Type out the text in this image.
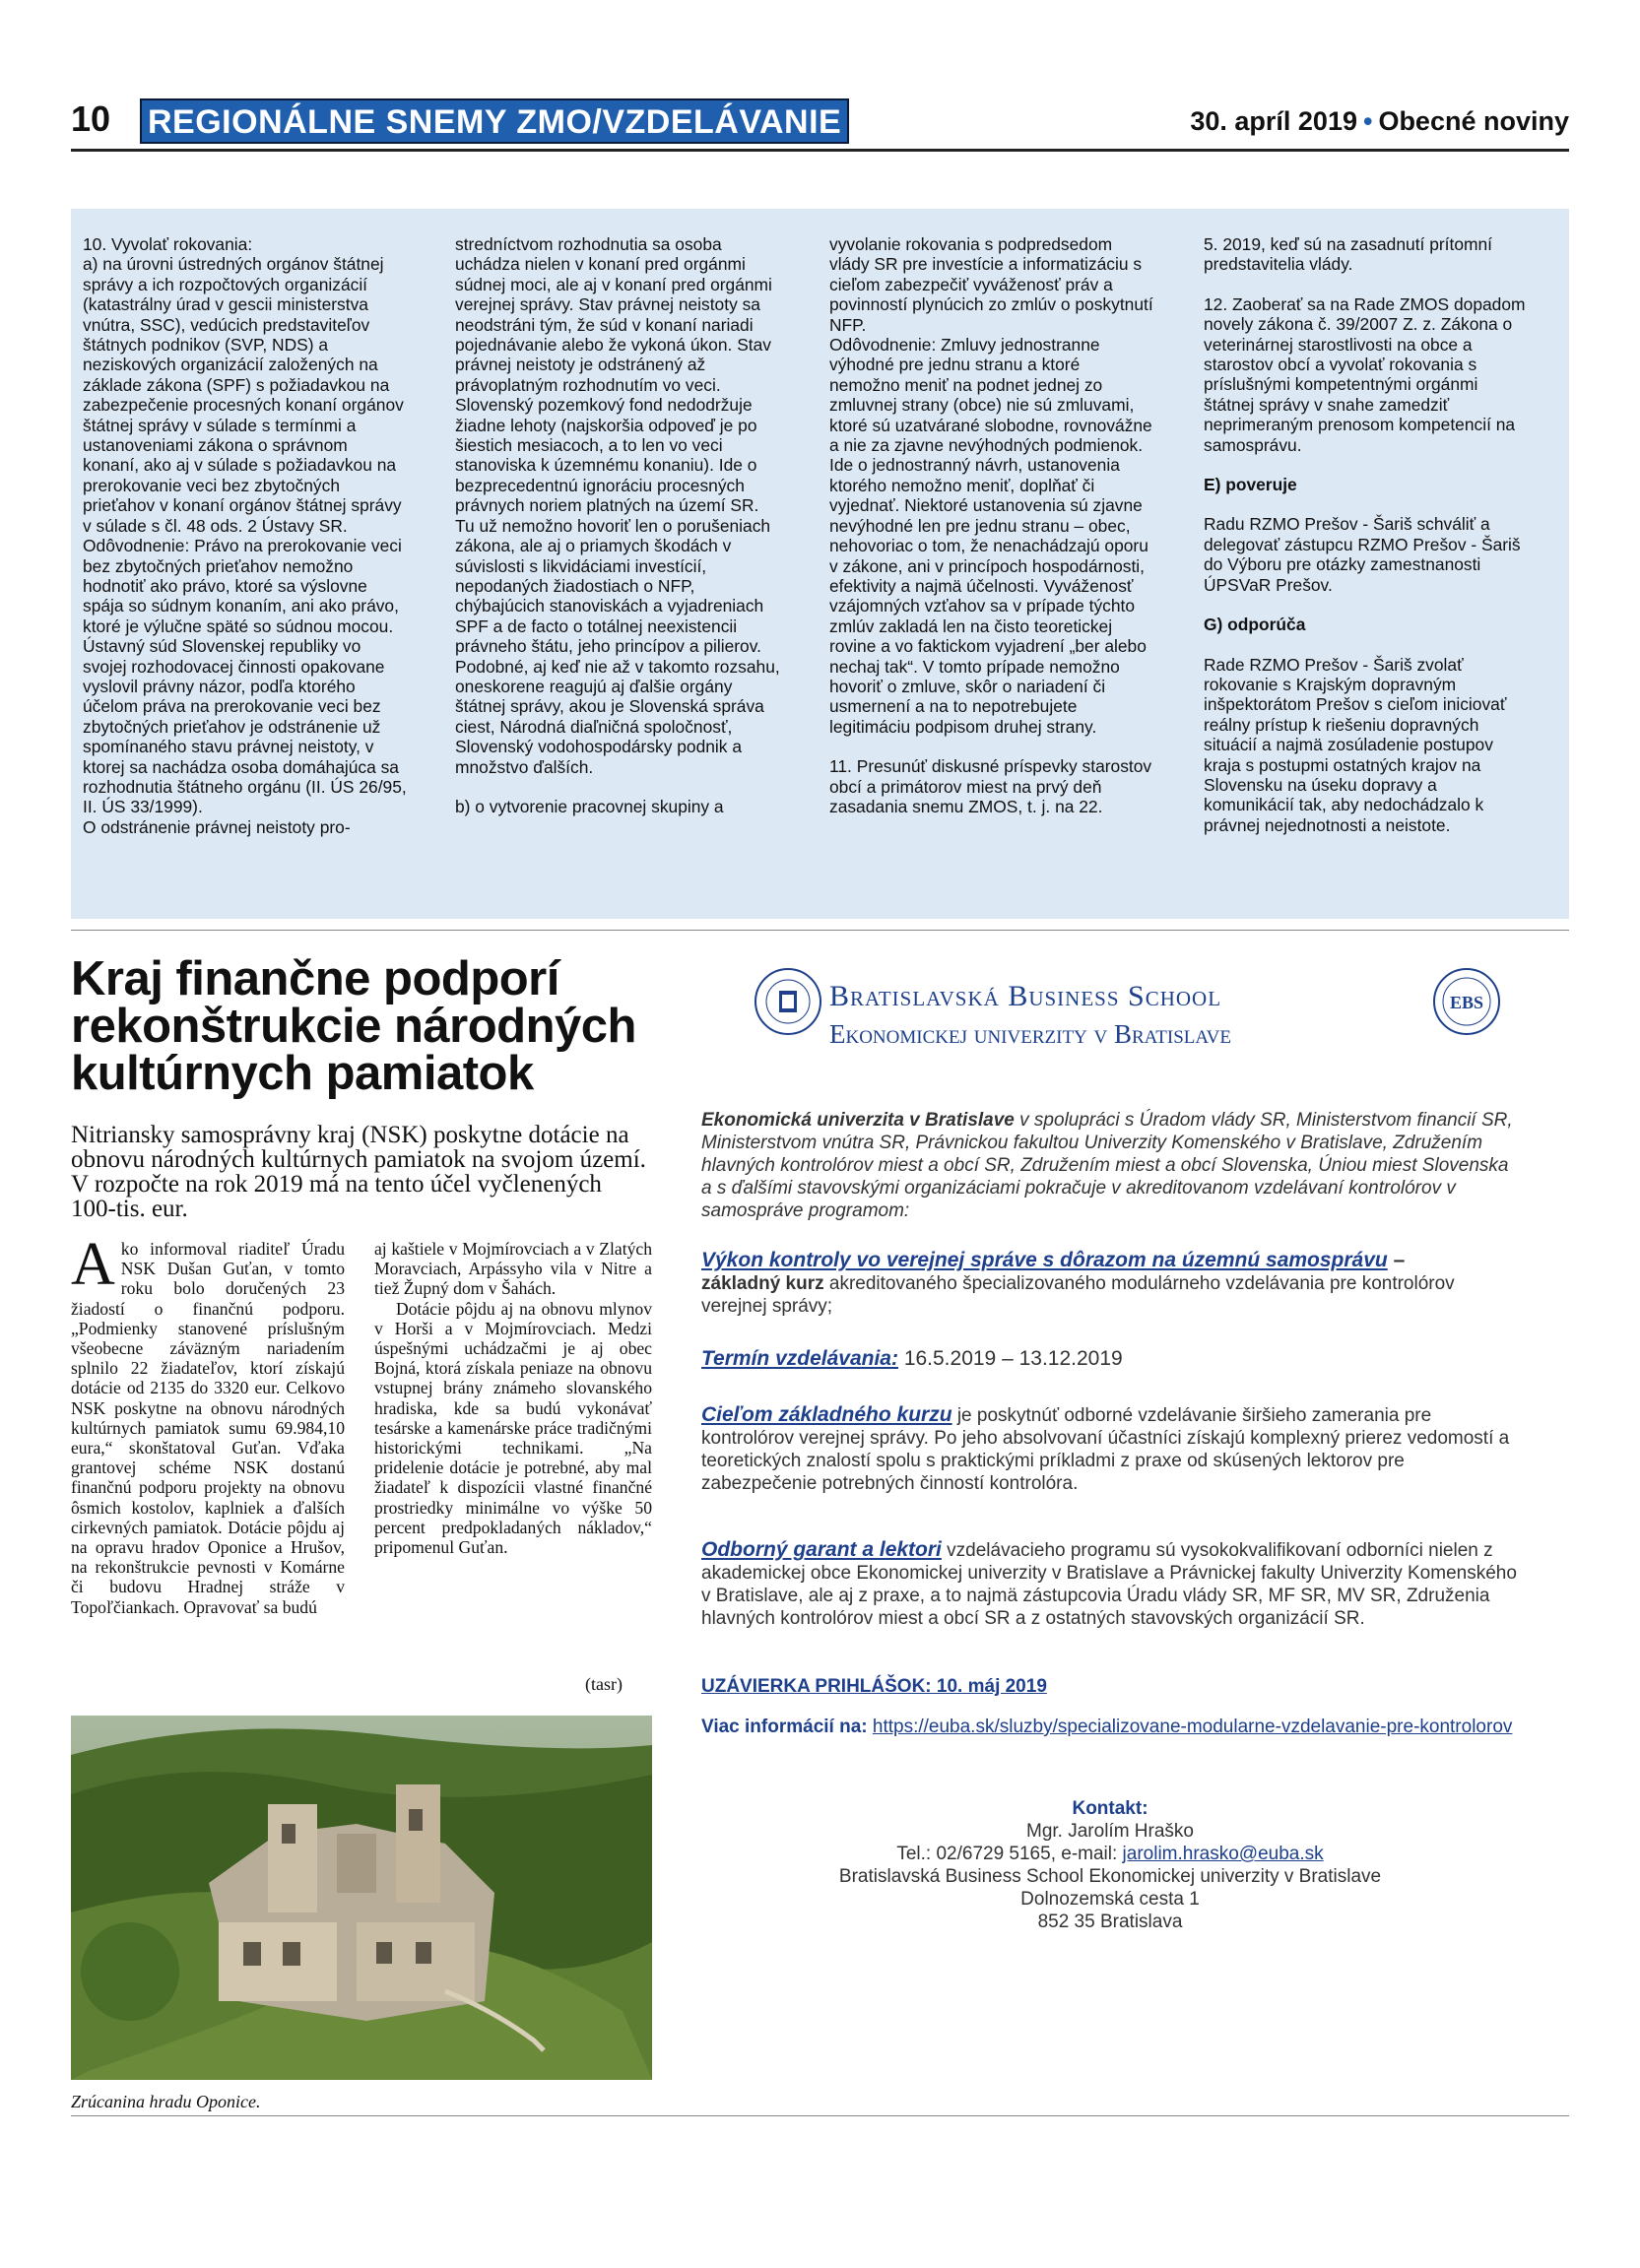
10 REGIONÁLNE SNEMY ZMO/VZDELÁVANIE	30. apríl 2019 • Obecné noviny

10. Vyvolať rokovania:
a) na úrovni ústredných orgánov štátnej správy a ich rozpočtových organizácií (katastrálny úrad v gescii ministerstva vnútra, SSC), vedúcich predstaviteľov štátnych podnikov (SVP, NDS) a neziskových organizácií založených na základe zákona (SPF) s požiadavkou na zabezpečenie procesných konaní orgánov štátnej správy v súlade s termínmi a ustanoveniami zákona o správnom konaní, ako aj v súlade s požiadavkou na prerokovanie veci bez zbytočných prieťahov v konaní orgánov štátnej správy v súlade s čl. 48 ods. 2 Ústavy SR.
Odôvodnenie: Právo na prerokovanie veci bez zbytočných prieťahov nemožno hodnotiť ako právo, ktoré sa výslovne spája so súdnym konaním, ani ako právo, ktoré je výlučne späté so súdnou mocou. Ústavný súd Slovenskej republiky vo svojej rozhodovacej činnosti opakovane vyslovil právny názor, podľa ktorého účelom práva na prerokovanie veci bez zbytočných prieťahov je odstránenie už spomínaného stavu právnej neistoty, v ktorej sa nachádza osoba domáhajúca sa rozhodnutia štátneho orgánu (II. ÚS 26/95, II. ÚS 33/1999).
O odstránenie právnej neistoty pro-

stredníctvom rozhodnutia sa osoba uchádza nielen v konaní pred orgánmi súdnej moci, ale aj v konaní pred orgánmi verejnej správy. Stav právnej neistoty sa neodstráni tým, že súd v konaní nariadi pojednávanie alebo že vykoná úkon. Stav právnej neistoty je odstránený až právoplatným rozhodnutím vo veci.
Slovenský pozemkový fond nedodržuje žiadne lehoty (najskoršia odpoveď je po šiestich mesiacoch, a to len vo veci stanoviska k územnému konaniu). Ide o bezprecedentnú ignoráciu procesných právnych noriem platných na území SR. Tu už nemožno hovoriť len o porušeniach zákona, ale aj o priamych škodách v súvislosti s likvidáciami investícií, nepodaných žiadostiach o NFP, chýbajúcich stanoviskách a vyjadreniach SPF a de facto o totálnej neexistencii právneho štátu, jeho princípov a pilierov. Podobné, aj keď nie až v takomto rozsahu, oneskorene reagujú aj ďalšie orgány štátnej správy, akou je Slovenská správa ciest, Národná diaľničná spoločnosť, Slovenský vodohospodársky podnik a množstvo ďalších.

b) o vytvorenie pracovnej skupiny a

vyvolanie rokovania s podpredsedom vlády SR pre investície a informatizáciu s cieľom zabezpečiť vyváženosť práv a povinností plynúcich zo zmlúv o poskytnutí NFP.
Odôvodnenie: Zmluvy jednostranne výhodné pre jednu stranu a ktoré nemožno meniť na podnet jednej zo zmluvnej strany (obce) nie sú zmluvami, ktoré sú uzatvárané slobodne, rovnovážne a nie za zjavne nevýhodných podmienok.
Ide o jednostranný návrh, ustanovenia ktorého nemožno meniť, doplňať či vyjednať. Niektoré ustanovenia sú zjavne nevýhodné len pre jednu stranu – obec, nehovoriac o tom, že nenachádzajú oporu v zákone, ani v princípoch hospodárnosti, efektivity a najmä účelnosti. Vyváženosť vzájomných vzťahov sa v prípade týchto zmlúv zakladá len na čisto teoretickej rovine a vo faktickom vyjadrení „ber alebo nechaj tak“. V tomto prípade nemožno hovoriť o zmluve, skôr o nariadení či usmernení a na to nepotrebujete legitimáciu podpisom druhej strany.

11. Presunúť diskusné príspevky starostov obcí a primátorov miest na prvý deň zasadania snemu ZMOS, t. j. na 22.

5. 2019, keď sú na zasadnutí prítomní predstavitelia vlády.

12. Zaoberať sa na Rade ZMOS dopadom novely zákona č. 39/2007 Z. z. Zákona o veterinárnej starostlivosti na obce a starostov obcí a vyvolať rokovania s príslušnými kompetentnými orgánmi štátnej správy v snahe zamedziť neprimeraným prenosom kompetencií na samosprávu.

E) poveruje

Radu RZMO Prešov - Šariš schváliť a delegovať zástupcu RZMO Prešov - Šariš do Výboru pre otázky zamestnanosti ÚPSVaR Prešov.

G) odporúča

Rade RZMO Prešov - Šariš zvolať rokovanie s Krajským dopravným inšpektorátom Prešov s cieľom iniciovať reálny prístup k riešeniu dopravných situácií a najmä zosúladenie postupov kraja s postupmi ostatných krajov na Slovensku na úseku dopravy a komunikácií tak, aby nedochádzalo k právnej nejednotnosti a neistote.

Kraj finančne podporí rekonštrukcie národných kultúrnych pamiatok
Nitriansky samosprávny kraj (NSK) poskytne dotácie na obnovu národných kultúrnych pamiatok na svojom území. V rozpočte na rok 2019 má na tento účel vyčlenených 100-tis. eur.

Ako informoval riaditeľ Úradu NSK Dušan Guťan, v tomto roku bolo doručených 23 žiadostí o finančnú podporu. „Podmienky stanovené príslušným všeobecne záväzným nariadením splnilo 22 žiadateľov, ktorí získajú dotácie od 2135 do 3320 eur. Celkovo NSK poskytne na obnovu národných kultúrnych pamiatok sumu 69.984,10 eura,“ skonštatoval Guťan. Vďaka grantovej schéme NSK dostanú finančnú podporu projekty na obnovu ôsmich kostolov, kaplniek a ďalších cirkevných pamiatok. Dotácie pôjdu aj na opravu hradov Oponice a Hrušov, na rekonštrukcie pevnosti v Komárne či budovu Hradnej stráže v Topoľčiankach. Opravovať sa budú

aj kaštiele v Mojmírovciach a v Zlatých Moravciach, Arpássyho vila v Nitre a tiež Župný dom v Šahách.

Dotácie pôjdu aj na obnovu mlynov v Horši a v Mojmírovciach. Medzi úspešnými uchádzačmi je aj obec Bojná, ktorá získala peniaze na obnovu vstupnej brány známeho slovanského hradiska, kde sa budú vykonávať tesárske a kamenárske práce tradičnými historickými technikami. „Na pridelenie dotácie je potrebné, aby mal žiadateľ k dispozícii vlastné finančné prostriedky minimálne vo výške 50 percent predpokladaných nákladov,“ pripomenul Guťan.

(tasr)
Zrúcanina hradu Oponice.
Bratislavská Business School
Ekonomickej univerzity v Bratislave
EBS

Ekonomická univerzita v Bratislave v spolupráci s Úradom vlády SR, Ministerstvom financií SR, Ministerstvom vnútra SR, Právnickou fakultou Univerzity Komenského v Bratislave, Združením hlavných kontrolórov miest a obcí SR, Združením miest a obcí Slovenska, Úniou miest Slovenska a s ďalšími stavovskými organizáciami pokračuje v akreditovanom vzdelávaní kontrolórov v samospráve programom:

Výkon kontroly vo verejnej správe s dôrazom na územnú samosprávu –

základný kurz akreditovaného špecializovaného modulárneho vzdelávania pre kontrolórov verejnej správy;

Termín vzdelávania: 16.5.2019 – 13.12.2019

Cieľom základného kurzu je poskytnúť odborné vzdelávanie širšieho zamerania pre kontrolórov verejnej správy. Po jeho absolvovaní účastníci získajú komplexný prierez vedomostí a teoretických znalostí spolu s praktickými príkladmi z praxe od skúsených lektorov pre zabezpečenie potrebných činností kontrolóra.

Odborný garant a lektori vzdelávacieho programu sú vysokokvalifikovaní odborníci nielen z akademickej obce Ekonomickej univerzity v Bratislave a Právnickej fakulty Univerzity Komenského v Bratislave, ale aj z praxe, a to najmä zástupcovia Úradu vlády SR, MF SR, MV SR, Združenia hlavných kontrolórov miest a obcí SR a z ostatných stavovských organizácií SR.

UZÁVIERKA PRIHLÁŠOK: 10. máj 2019

Viac informácií na: https://euba.sk/sluzby/specializovane-modularne-vzdelavanie-pre-kontrolorov

Kontakt:
Mgr. Jarolím Hraško
Tel.: 02/6729 5165, e-mail: jarolim.hrasko@euba.sk
Bratislavská Business School Ekonomickej univerzity v Bratislave
Dolnozemská cesta 1
852 35 Bratislava
